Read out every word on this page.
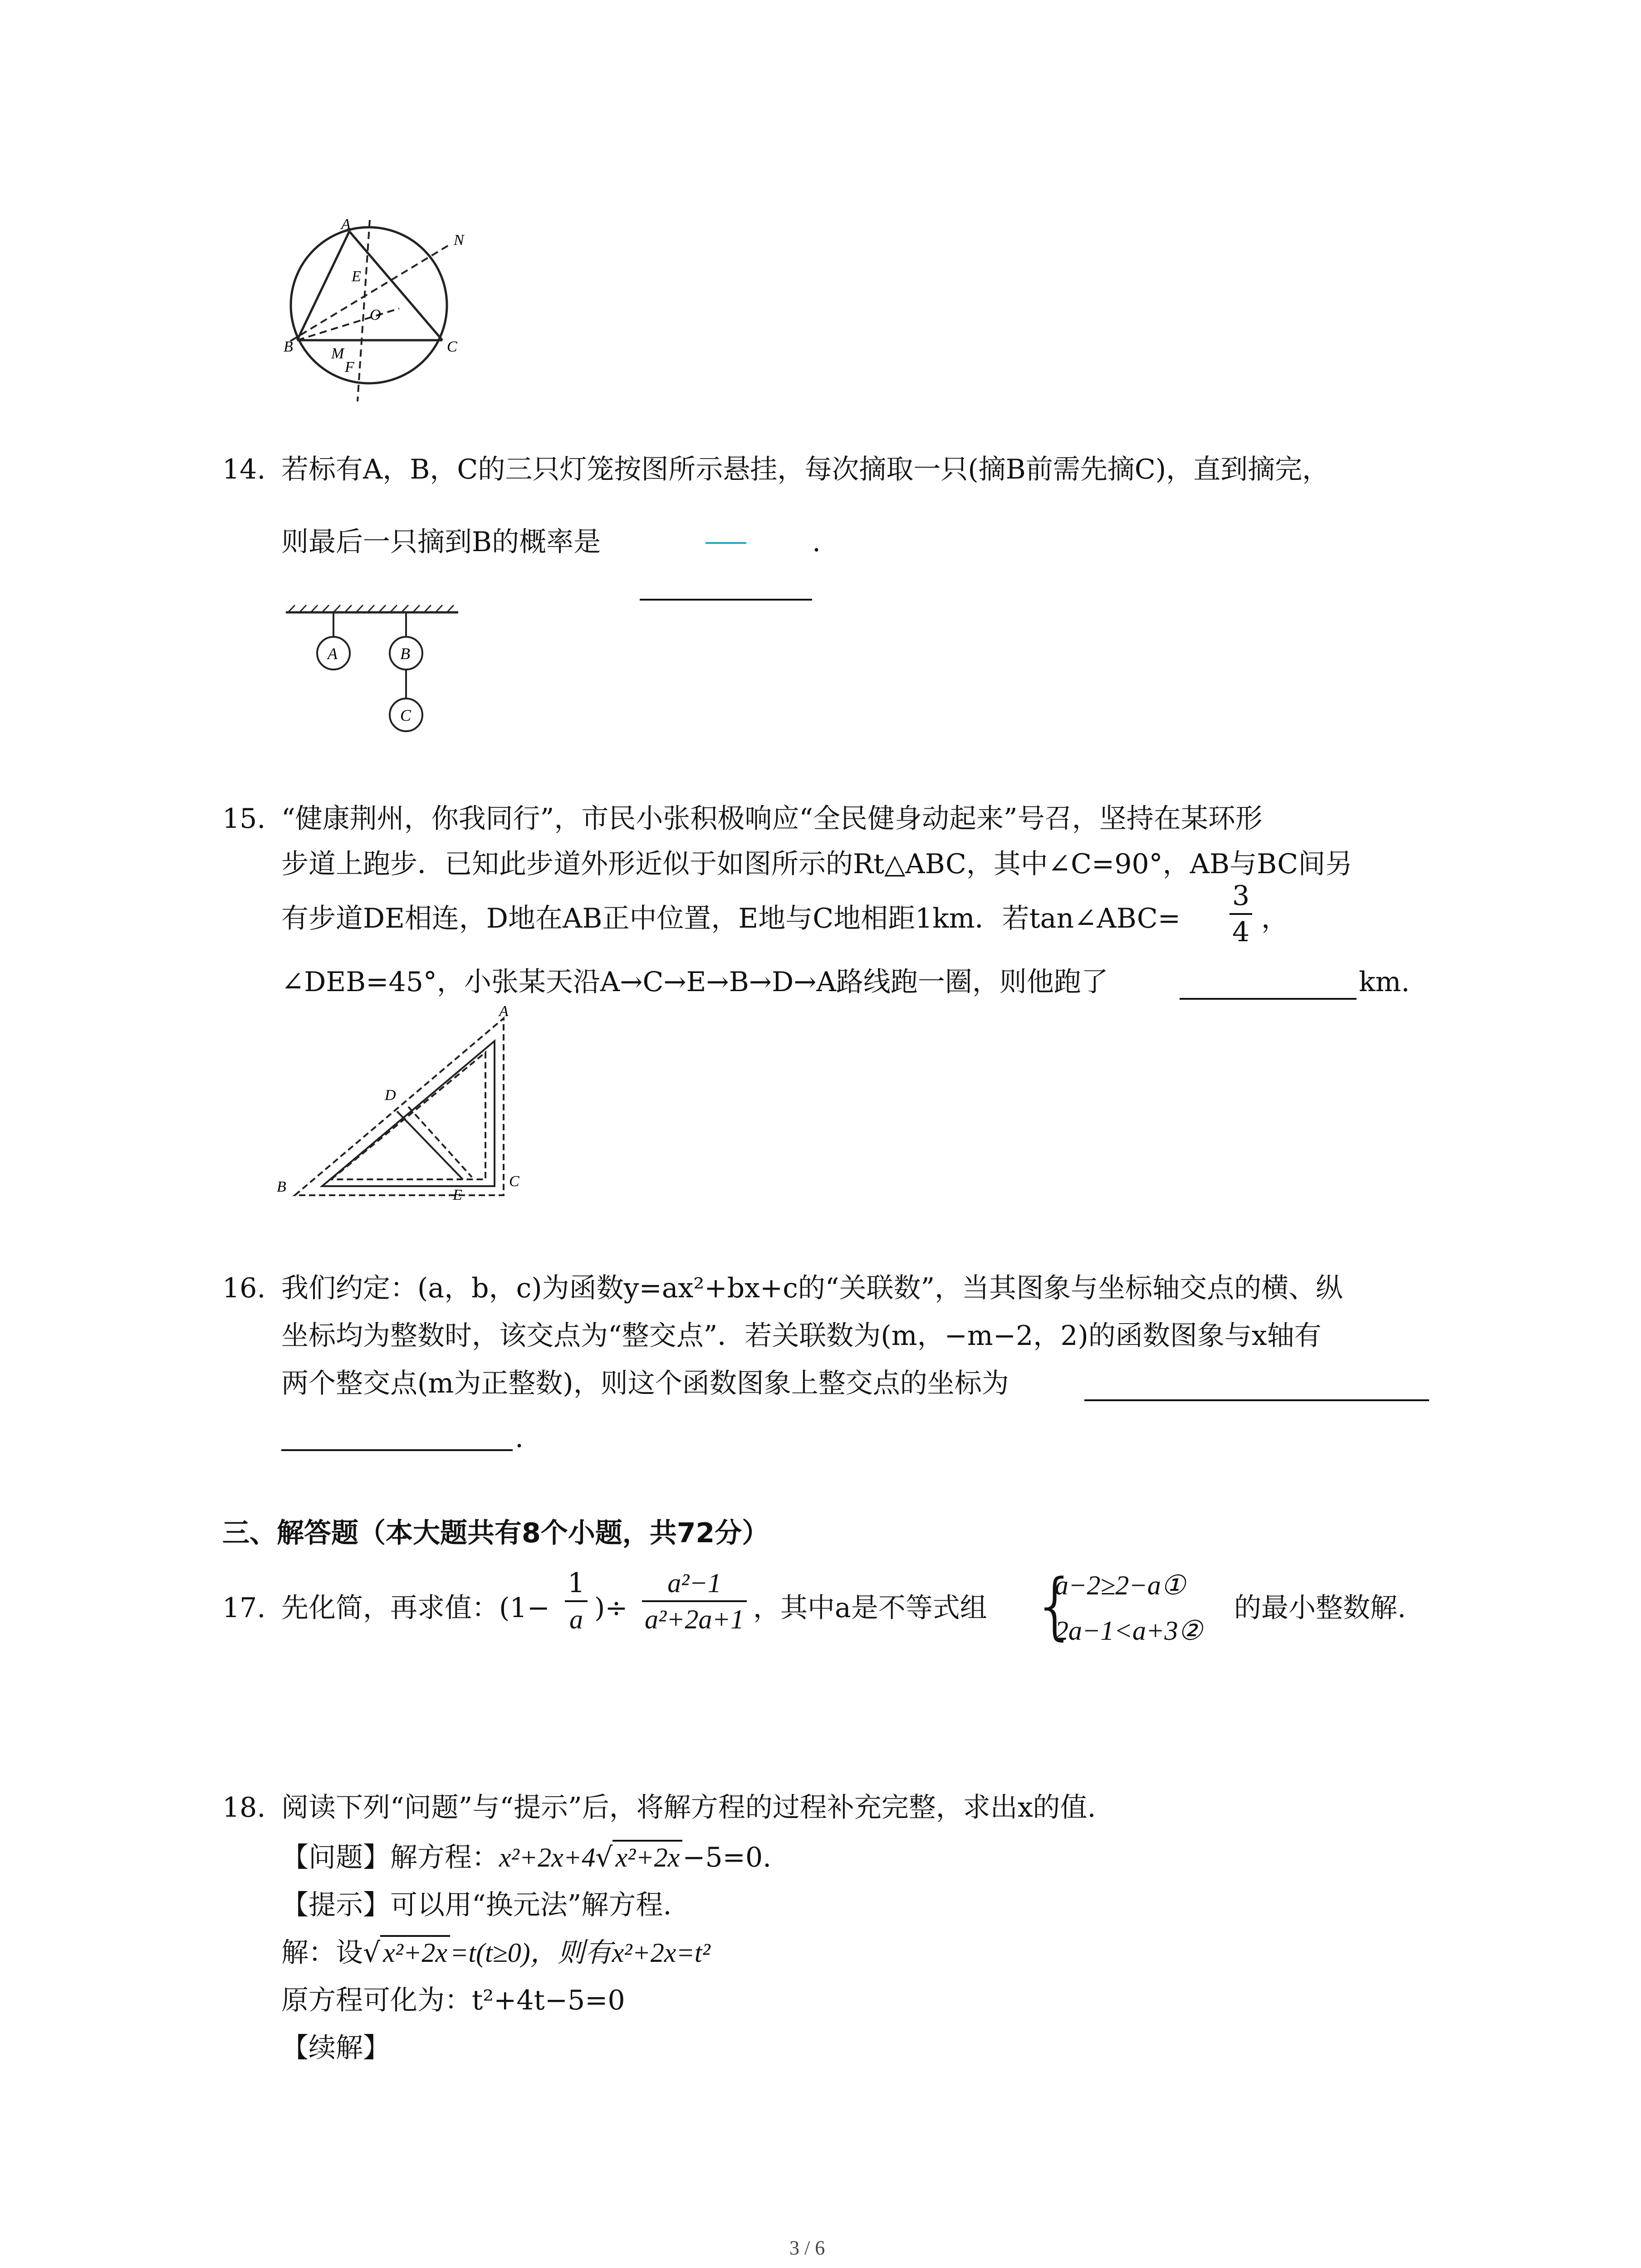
A
B	C
E
O
M
F
N
14. 若标有A，B，C的三只灯笼按图所示悬挂，每次摘取一只(摘B前需先摘C)，直到摘完，
则最后一只摘到B的概率是	.
A	B
C
15. “健康荆州，你我同行”，市民小张积极响应“全民健身动起来”号召，坚持在某环形
步道上跑步．已知此步道外形近似于如图所示的Rt△ABC，其中∠C=90°，AB与BC间另
有步道DE相连，D地在AB正中位置，E地与C地相距1km．若tan∠ABC= $\frac{3}{4}$ ，
∠DEB=45°，小张某天沿A→C→E→B→D→A路线跑一圈，则他跑了	km.
A
B	C
D
E
16. 我们约定：(a，b，c)为函数y=ax²+bx+c的“关联数”，当其图象与坐标轴交点的横、纵
坐标均为整数时，该交点为“整交点”．若关联数为(m，−m−2，2)的函数图象与x轴有
两个整交点(m为正整数)，则这个函数图象上整交点的坐标为
.
三、解答题（本大题共有8个小题，共72分）
17. 先化简，再求值：($1- \frac{1}{a}$ )÷ $\frac{\text{a²−1}}{\text{a²+2a+1}}$ ，其中a是不等式组 {
a−2≥2−a①
2a−1<a+3②
的最小整数解.
18. 阅读下列“问题”与“提示”后，将解方程的过程补充完整，求出x的值.
【问题】解方程：x²+2x+4√ x²+2x −5=0.
【提示】可以用“换元法”解方程.
解：设√ x²+2x =t(t≥0)，则有x²+2x=t²
原方程可化为：t²+4t−5=0
【续解】
3 / 6
